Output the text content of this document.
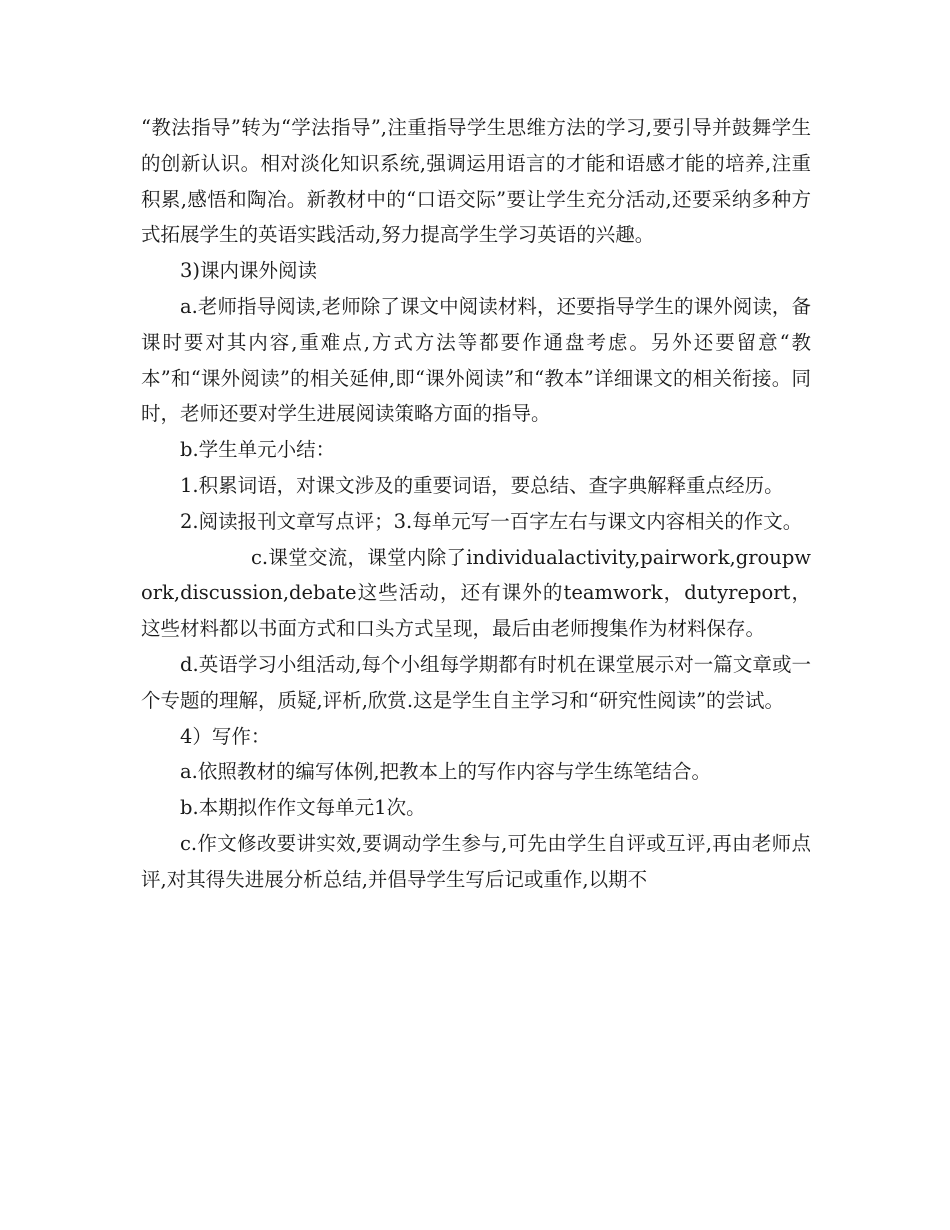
“教法指导”转为“学法指导”,注重指导学生思维方法的学习,要引导并鼓舞学生的创新认识。相对淡化知识系统,强调运用语言的才能和语感才能的培养,注重积累,感悟和陶冶。新教材中的“口语交际”要让学生充分活动,还要采纳多种方式拓展学生的英语实践活动,努力提高学生学习英语的兴趣。

3)课内课外阅读

a.老师指导阅读,老师除了课文中阅读材料，还要指导学生的课外阅读，备课时要对其内容,重难点,方式方法等都要作通盘考虑。另外还要留意“教本”和“课外阅读”的相关延伸,即“课外阅读”和“教本”详细课文的相关衔接。同时，老师还要对学生进展阅读策略方面的指导。

b.学生单元小结：

1.积累词语，对课文涉及的重要词语，要总结、查字典解释重点经历。

2.阅读报刊文章写点评；3.每单元写一百字左右与课文内容相关的作文。

c.课堂交流，课堂内除了individualactivity,pairwork,groupwork,discussion,debate这些活动，还有课外的teamwork，dutyreport，这些材料都以书面方式和口头方式呈现，最后由老师搜集作为材料保存。

d.英语学习小组活动,每个小组每学期都有时机在课堂展示对一篇文章或一个专题的理解，质疑,评析,欣赏.这是学生自主学习和“研究性阅读”的尝试。

4）写作：

a.依照教材的编写体例,把教本上的写作内容与学生练笔结合。

b.本期拟作作文每单元1次。

c.作文修改要讲实效,要调动学生参与,可先由学生自评或互评,再由老师点评,对其得失进展分析总结,并倡导学生写后记或重作,以期不
